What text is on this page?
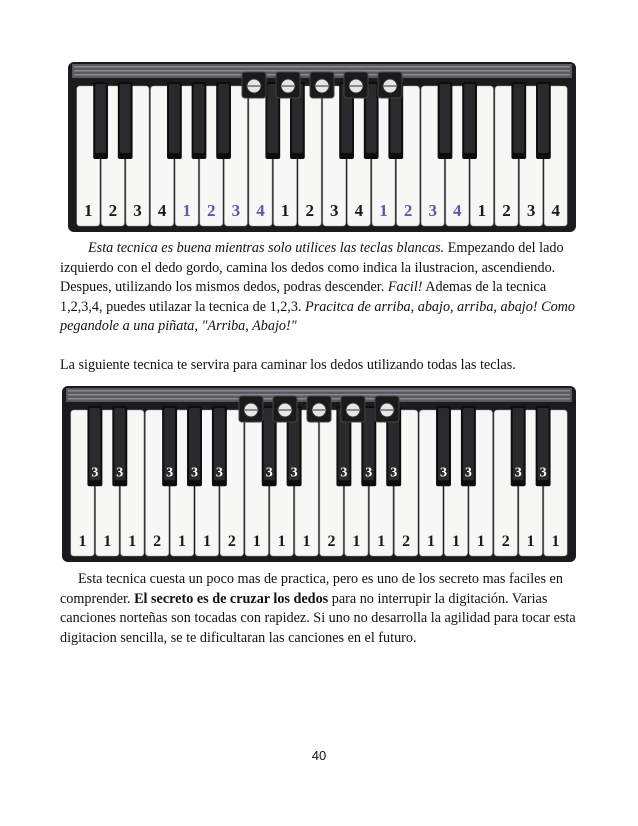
1 2 3 4 1 2 3 4 1 2 3 4 1 2 3 4 1 2 3 4

Esta tecnica es buena mientras solo utilices las teclas blancas. Empezando del lado izquierdo con el dedo gordo, camina los dedos como indica la ilustracion, ascendiendo. Despues, utilizando los mismos dedos, podras descender. Facil! Ademas de la tecnica 1,2,3,4, puedes utilazar la tecnica de 1,2,3. Pracitca de arriba, abajo, arriba, abajo! Como pegandole a una piñata, "Arriba, Abajo!"

La siguiente tecnica te servira para caminar los dedos utilizando todas las teclas.

1 1 1 2 1 1 2 1 1 1 2 1 1 2 1 1 1 2 1 1
3 3	3 3 3	3 3	3 3 3	3 3	3 3

Esta tecnica cuesta un poco mas de practica, pero es uno de los secreto mas faciles en comprender. El secreto es de cruzar los dedos para no interrupir la digitación. Varias canciones norteñas son tocadas con rapidez. Si uno no desarrolla la agilidad para tocar esta digitacion sencilla, se te dificultaran las canciones en el futuro.

40
